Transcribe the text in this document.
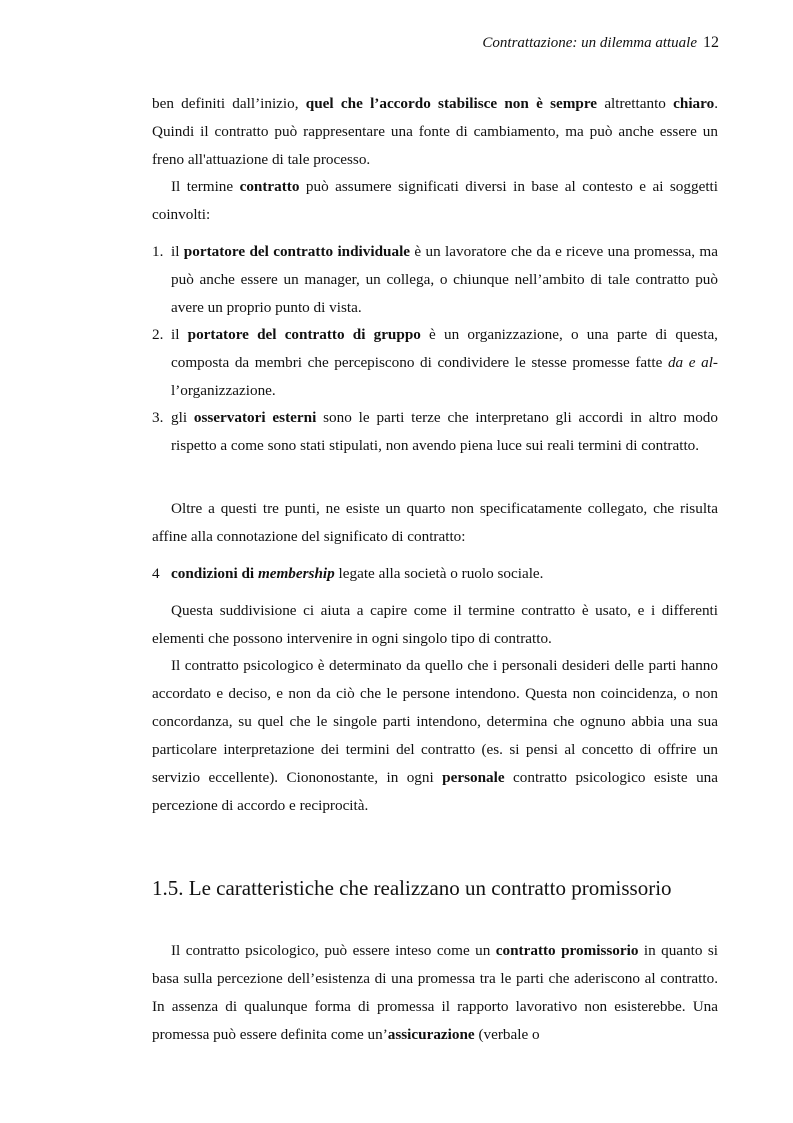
Contrattazione: un dilemma attuale 12

ben definiti dall’inizio, quel che l’accordo stabilisce non è sempre altrettanto chiaro. Quindi il contratto può rappresentare una fonte di cambiamento, ma può anche essere un freno all'attuazione di tale processo.

Il termine contratto può assumere significati diversi in base al contesto e ai soggetti coinvolti:

1. il portatore del contratto individuale è un lavoratore che da e riceve una promessa, ma può anche essere un manager, un collega, o chiunque nell’ambito di tale contratto può avere un proprio punto di vista.
2. il portatore del contratto di gruppo è un organizzazione, o una parte di questa, composta da membri che percepiscono di condividere le stesse promesse fatte da e al-l’organizzazione.
3. gli osservatori esterni sono le parti terze che interpretano gli accordi in altro modo rispetto a come sono stati stipulati, non avendo piena luce sui reali termini di contratto.

Oltre a questi tre punti, ne esiste un quarto non specificatamente collegato, che risulta affine alla connotazione del significato di contratto:

4 condizioni di membership legate alla società o ruolo sociale.

Questa suddivisione ci aiuta a capire come il termine contratto è usato, e i differenti elementi che possono intervenire in ogni singolo tipo di contratto.

Il contratto psicologico è determinato da quello che i personali desideri delle parti hanno accordato e deciso, e non da ciò che le persone intendono. Questa non coincidenza, o non concordanza, su quel che le singole parti intendono, determina che ognuno abbia una sua particolare interpretazione dei termini del contratto (es. si pensi al concetto di offrire un servizio eccellente). Ciononostante, in ogni personale contratto psicologico esiste una percezione di accordo e reciprocità.

1.5. Le caratteristiche che realizzano un contratto promissorio

Il contratto psicologico, può essere inteso come un contratto promissorio in quanto si basa sulla percezione dell’esistenza di una promessa tra le parti che aderiscono al contratto. In assenza di qualunque forma di promessa il rapporto lavorativo non esisterebbe. Una promessa può essere definita come un’assicurazione (verbale o
